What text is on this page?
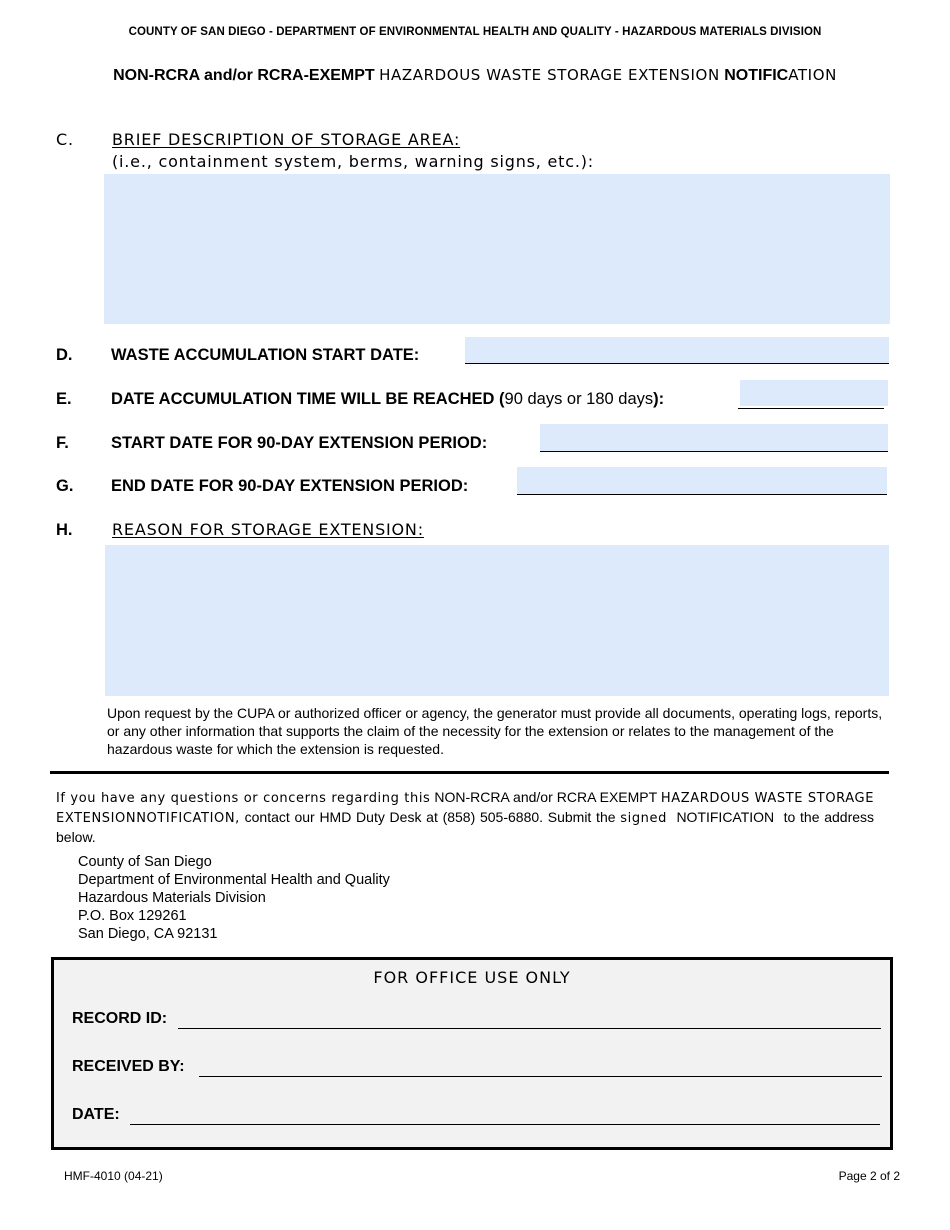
COUNTY OF SAN DIEGO - DEPARTMENT OF ENVIRONMENTAL HEALTH AND QUALITY - HAZARDOUS MATERIALS DIVISION
NON-RCRA and/or RCRA-EXEMPT HAZARDOUS WASTE STORAGE EXTENSION NOTIFICATION
C. BRIEF DESCRIPTION OF STORAGE AREA:
(i.e., containment system, berms, warning signs, etc.):
D. WASTE ACCUMULATION START DATE:
E. DATE ACCUMULATION TIME WILL BE REACHED (90 days or 180 days):
F.	START DATE FOR 90-DAY EXTENSION PERIOD:
G. END DATE FOR 90-DAY EXTENSION PERIOD:
H. REASON FOR STORAGE EXTENSION:
Upon request by the CUPA or authorized officer or agency, the generator must provide all documents, operating logs, reports, or any other information that supports the claim of the necessity for the extension or relates to the management of the hazardous waste for which the extension is requested.
If you have any questions or concerns regarding this NON-RCRA and/or RCRA EXEMPT HAZARDOUS WASTE STORAGE EXTENSIONNOTIFICATION, contact our HMD Duty Desk at (858) 505-6880. Submit the signed NOTIFICATION to the address below.
County of San Diego
Department of Environmental Health and Quality
Hazardous Materials Division
P.O. Box 129261
San Diego, CA 92131
FOR OFFICE USE ONLY
RECORD ID:
RECEIVED BY:
DATE:
HMF-4010 (04-21)	Page 2 of 2
